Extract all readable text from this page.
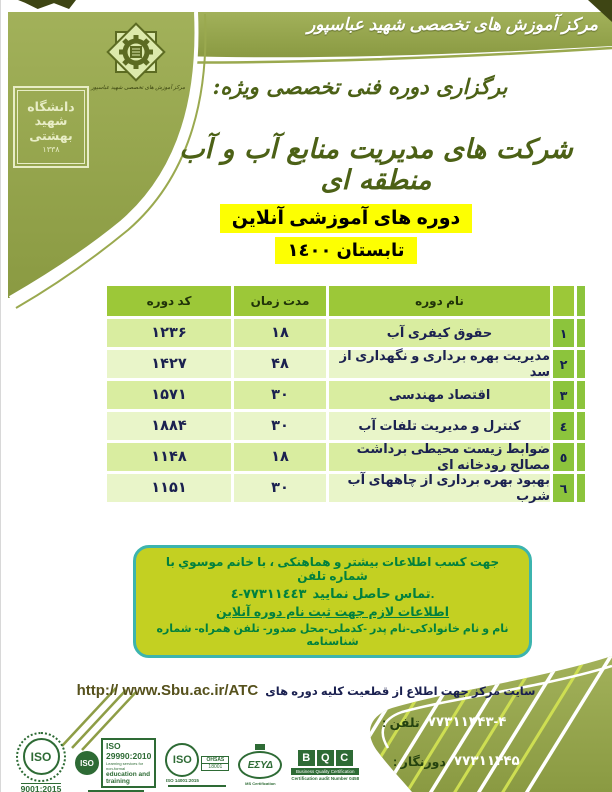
مرکز آموزش های تخصصی شهید عباسپور
مرکز آموزش های تخصصی شهید عباسپور
دانشگاه
شهید
بهشتی
۱۳۳۸
برگزاری دوره فنی تخصصی ویژه:
شرکت های مدیریت منابع آب و آب منطقه ای
دوره های آموزشی آنلاین
تابستان ١٤٠٠
نام دوره
مدت زمان
کد دوره
١
حقوق کیفری آب
۱۸
۱۲۳۶
٢
مدیریت بهره برداری و نگهداری از سد
۴۸
۱۴۲۷
٣
اقتصاد مهندسی
۳۰
۱۵۷۱
٤
کنترل و مدیریت تلفات آب
۳۰
۱۸۸۴
٥
ضوابط زیست محیطی برداشت مصالح رودخانه ای
۱۸
۱۱۴۸
٦
بهبود بهره برداری از چاههای آب شرب
۳۰
۱۱۵۱
جهت کسب اطلاعات بیشتر و هماهنکی ، با خانم موسوي با شماره تلفن
٧٧٣١١٤٤٣-٤ تماس حاصل نمایید.
اطلاعات لازم جهت ثبت نام دوره آنلاین
نام و نام خانوادکی-نام پدر -کدملی-محل صدور- تلفن همراه- شماره شناسنامه
سایت مرکز جهت اطلاع از قطعیت کلیه دوره های
http:// www.Sbu.ac.ir/ATC
تلفن : ۷۷۳۱۱۴۴۳-۴
دورنگار : ۷۷۳۱۱۴۴۵
ISO
9001:2015
ISO
ISO 29990:2010
Learning services for non-formal
education and training
ISO
ISO 14001:2015
OHSAS
18001	ΕΣΥΔ
MS Certification
B Q C
Business Quality Certification
Certification audit Number 0458
